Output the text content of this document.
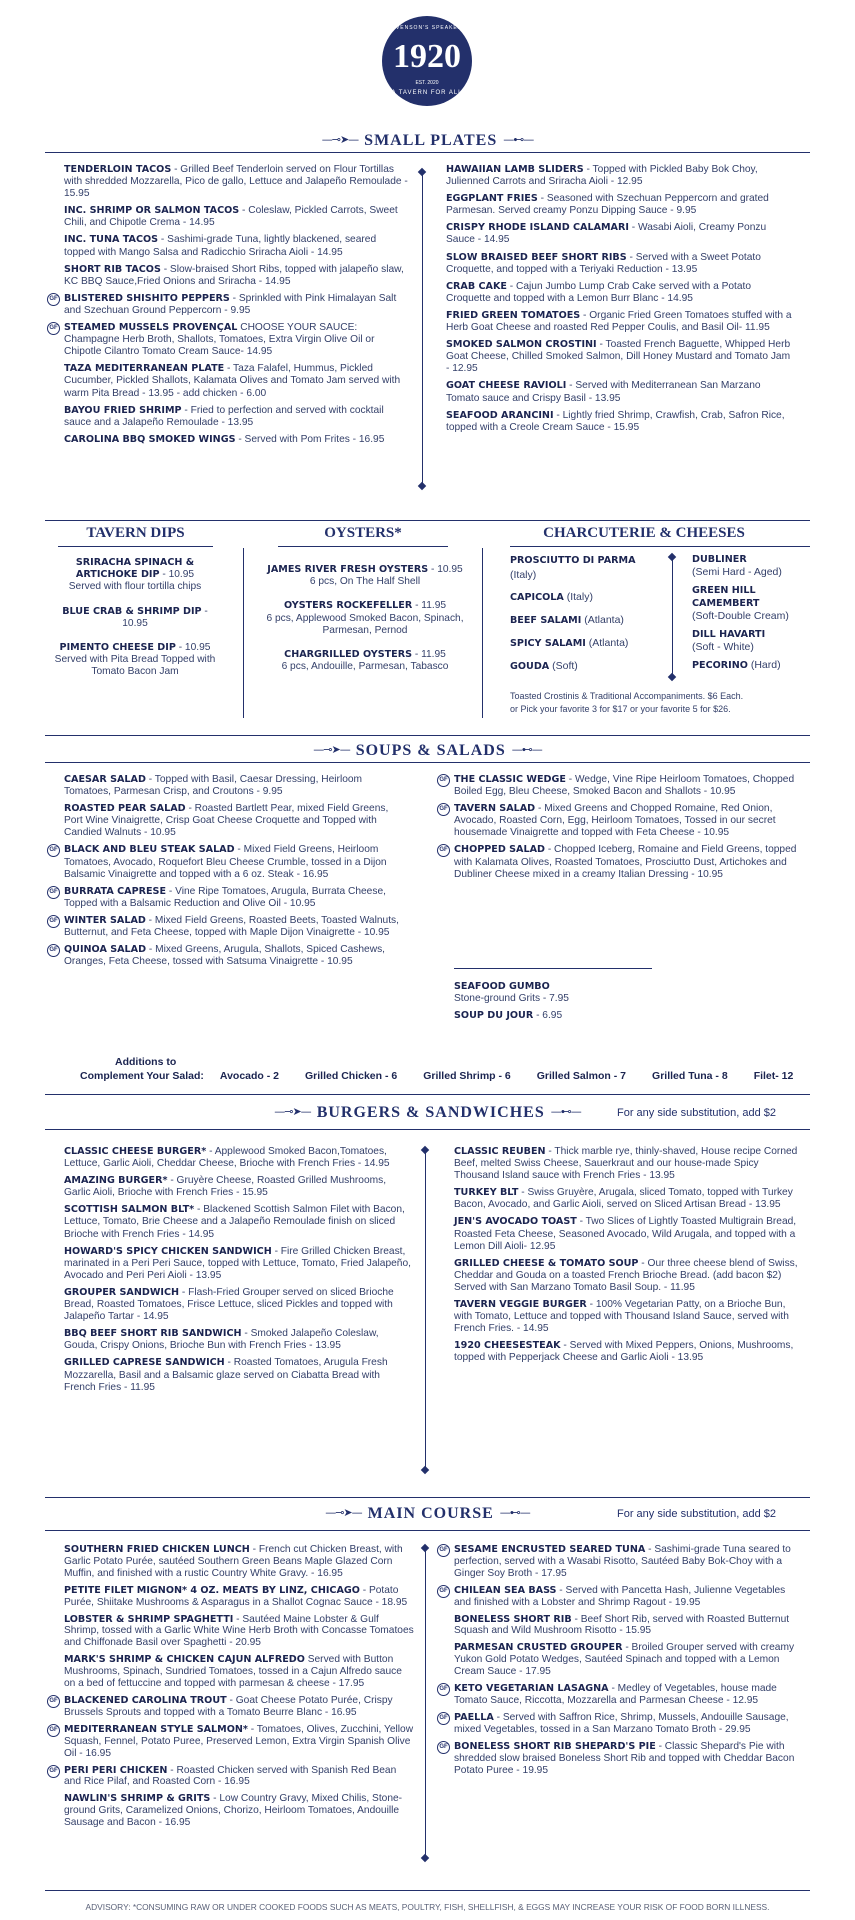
STEVENSON'S SPEAKEASY
1920
EST. 2020
A TAVERN FOR ALL
—⊸➤— SMALL PLATES —⊷—
TENDERLOIN TACOS - Grilled Beef Tenderloin served on Flour Tortillas with shredded Mozzarella, Pico de gallo, Lettuce and Jalapeño Remoulade - 15.95
INC. SHRIMP OR SALMON TACOS - Coleslaw, Pickled Carrots, Sweet Chili, and Chipotle Crema - 14.95
INC. TUNA TACOS - Sashimi-grade Tuna, lightly blackened, seared topped with Mango Salsa and Radicchio Sriracha Aioli - 14.95
SHORT RIB TACOS - Slow-braised Short Ribs, topped with jalapeño slaw, KC BBQ Sauce,Fried Onions and Sriracha - 14.95
GF BLISTERED SHISHITO PEPPERS - Sprinkled with Pink Himalayan Salt and Szechuan Ground Peppercorn - 9.95
GF STEAMED MUSSELS PROVENÇAL CHOOSE YOUR SAUCE: Champagne Herb Broth, Shallots, Tomatoes, Extra Virgin Olive Oil or Chipotle Cilantro Tomato Cream Sauce- 14.95
TAZA MEDITERRANEAN PLATE - Taza Falafel, Hummus, Pickled Cucumber, Pickled Shallots, Kalamata Olives and Tomato Jam served with warm Pita Bread - 13.95 - add chicken - 6.00
BAYOU FRIED SHRIMP - Fried to perfection and served with cocktail sauce and a Jalapeño Remoulade - 13.95
CAROLINA BBQ SMOKED WINGS - Served with Pom Frites - 16.95
HAWAIIAN LAMB SLIDERS - Topped with Pickled Baby Bok Choy, Julienned Carrots and Sriracha Aioli - 12.95
EGGPLANT FRIES - Seasoned with Szechuan Peppercorn and grated Parmesan. Served creamy Ponzu Dipping Sauce - 9.95
CRISPY RHODE ISLAND CALAMARI - Wasabi Aioli, Creamy Ponzu Sauce - 14.95
SLOW BRAISED BEEF SHORT RIBS - Served with a Sweet Potato Croquette, and topped with a Teriyaki Reduction - 13.95
CRAB CAKE - Cajun Jumbo Lump Crab Cake served with a Potato Croquette and topped with a Lemon Burr Blanc - 14.95
FRIED GREEN TOMATOES - Organic Fried Green Tomatoes stuffed with a Herb Goat Cheese and roasted Red Pepper Coulis, and Basil Oil- 11.95
SMOKED SALMON CROSTINI - Toasted French Baguette, Whipped Herb Goat Cheese, Chilled Smoked Salmon, Dill Honey Mustard and Tomato Jam - 12.95
GOAT CHEESE RAVIOLI - Served with Mediterranean San Marzano Tomato sauce and Crispy Basil - 13.95
SEAFOOD ARANCINI - Lightly fried Shrimp, Crawfish, Crab, Safron Rice, topped with a Creole Cream Sauce - 15.95
TAVERN DIPS
SRIRACHA SPINACH & ARTICHOKE DIP - 10.95
Served with flour tortilla chips
BLUE CRAB & SHRIMP DIP - 10.95
PIMENTO CHEESE DIP - 10.95
Served with Pita Bread Topped with Tomato Bacon Jam
OYSTERS*
JAMES RIVER FRESH OYSTERS - 10.95
6 pcs, On The Half Shell
OYSTERS ROCKEFELLER - 11.95
6 pcs, Applewood Smoked Bacon, Spinach, Parmesan, Pernod
CHARGRILLED OYSTERS - 11.95
6 pcs, Andouille, Parmesan, Tabasco
CHARCUTERIE & CHEESES
PROSCIUTTO DI PARMA (Italy)
CAPICOLA (Italy)
BEEF SALAMI (Atlanta)
SPICY SALAMI (Atlanta)
GOUDA (Soft)
DUBLINER
(Semi Hard - Aged)
GREEN HILL CAMEMBERT
(Soft-Double Cream)
DILL HAVARTI
(Soft - White)
PECORINO (Hard)
Toasted Crostinis & Traditional Accompaniments. $6 Each.
or Pick your favorite 3 for $17 or your favorite 5 for $26.
—⊸➤— SOUPS & SALADS —⊷—
CAESAR SALAD - Topped with Basil, Caesar Dressing, Heirloom Tomatoes, Parmesan Crisp, and Croutons - 9.95
ROASTED PEAR SALAD - Roasted Bartlett Pear, mixed Field Greens, Port Wine Vinaigrette, Crisp Goat Cheese Croquette and Topped with Candied Walnuts - 10.95
GF BLACK AND BLEU STEAK SALAD - Mixed Field Greens, Heirloom Tomatoes, Avocado, Roquefort Bleu Cheese Crumble, tossed in a Dijon Balsamic Vinaigrette and topped with a 6 oz. Steak - 16.95
GF BURRATA CAPRESE - Vine Ripe Tomatoes, Arugula, Burrata Cheese, Topped with a Balsamic Reduction and Olive Oil - 10.95
GF WINTER SALAD - Mixed Field Greens, Roasted Beets, Toasted Walnuts, Butternut, and Feta Cheese, topped with Maple Dijon Vinaigrette - 10.95
GF QUINOA SALAD - Mixed Greens, Arugula, Shallots, Spiced Cashews, Oranges, Feta Cheese, tossed with Satsuma Vinaigrette - 10.95
GF THE CLASSIC WEDGE - Wedge, Vine Ripe Heirloom Tomatoes, Chopped Boiled Egg, Bleu Cheese, Smoked Bacon and Shallots - 10.95
GF TAVERN SALAD - Mixed Greens and Chopped Romaine, Red Onion, Avocado, Roasted Corn, Egg, Heirloom Tomatoes, Tossed in our secret housemade Vinaigrette and topped with Feta Cheese - 10.95
GF CHOPPED SALAD - Chopped Iceberg, Romaine and Field Greens, topped with Kalamata Olives, Roasted Tomatoes, Prosciutto Dust, Artichokes and Dubliner Cheese mixed in a creamy Italian Dressing - 10.95
SEAFOOD GUMBO
Stone-ground Grits - 7.95
SOUP DU JOUR - 6.95
Additions to
Complement Your Salad: Avocado - 2 Grilled Chicken - 6 Grilled Shrimp - 6 Grilled Salmon - 7 Grilled Tuna - 8 Filet- 12
—⊸➤— BURGERS & SANDWICHES —⊷—	For any side substitution, add $2
CLASSIC CHEESE BURGER* - Applewood Smoked Bacon,Tomatoes, Lettuce, Garlic Aioli, Cheddar Cheese, Brioche with French Fries - 14.95
AMAZING BURGER* - Gruyère Cheese, Roasted Grilled Mushrooms, Garlic Aioli, Brioche with French Fries - 15.95
SCOTTISH SALMON BLT* - Blackened Scottish Salmon Filet with Bacon, Lettuce, Tomato, Brie Cheese and a Jalapeño Remoulade finish on sliced Brioche with French Fries - 14.95
HOWARD'S SPICY CHICKEN SANDWICH - Fire Grilled Chicken Breast, marinated in a Peri Peri Sauce, topped with Lettuce, Tomato, Fried Jalapeño, Avocado and Peri Peri Aioli - 13.95
GROUPER SANDWICH - Flash-Fried Grouper served on sliced Brioche Bread, Roasted Tomatoes, Frisce Lettuce, sliced Pickles and topped with Jalapeño Tartar - 14.95
BBQ BEEF SHORT RIB SANDWICH - Smoked Jalapeño Coleslaw, Gouda, Crispy Onions, Brioche Bun with French Fries - 13.95
GRILLED CAPRESE SANDWICH - Roasted Tomatoes, Arugula Fresh Mozzarella, Basil and a Balsamic glaze served on Ciabatta Bread with French Fries - 11.95
CLASSIC REUBEN - Thick marble rye, thinly-shaved, House recipe Corned Beef, melted Swiss Cheese, Sauerkraut and our house-made Spicy Thousand Island sauce with French Fries - 13.95
TURKEY BLT - Swiss Gruyère, Arugala, sliced Tomato, topped with Turkey Bacon, Avocado, and Garlic Aioli, served on Sliced Artisan Bread - 13.95
JEN'S AVOCADO TOAST - Two Slices of Lightly Toasted Multigrain Bread, Roasted Feta Cheese, Seasoned Avocado, Wild Arugala, and topped with a Lemon Dill Aioli- 12.95
GRILLED CHEESE & TOMATO SOUP - Our three cheese blend of Swiss, Cheddar and Gouda on a toasted French Brioche Bread. (add bacon $2) Served with San Marzano Tomato Basil Soup. - 11.95
TAVERN VEGGIE BURGER - 100% Vegetarian Patty, on a Brioche Bun, with Tomato, Lettuce and topped with Thousand Island Sauce, served with French Fries. - 14.95
1920 CHEESESTEAK - Served with Mixed Peppers, Onions, Mushrooms, topped with Pepperjack Cheese and Garlic Aioli - 13.95
—⊸➤— MAIN COURSE —⊷—	For any side substitution, add $2
SOUTHERN FRIED CHICKEN LUNCH - French cut Chicken Breast, with Garlic Potato Purée, sautéed Southern Green Beans Maple Glazed Corn Muffin, and finished with a rustic Country White Gravy. - 16.95
PETITE FILET MIGNON* 4 OZ. MEATS BY LINZ, CHICAGO - Potato Purée, Shiitake Mushrooms & Asparagus in a Shallot Cognac Sauce - 18.95
LOBSTER & SHRIMP SPAGHETTI - Sautéed Maine Lobster & Gulf Shrimp, tossed with a Garlic White Wine Herb Broth with Concasse Tomatoes and Chiffonade Basil over Spaghetti - 20.95
MARK'S SHRIMP & CHICKEN CAJUN ALFREDO Served with Button Mushrooms, Spinach, Sundried Tomatoes, tossed in a Cajun Alfredo sauce on a bed of fettuccine and topped with parmesan & cheese - 17.95
GF BLACKENED CAROLINA TROUT - Goat Cheese Potato Purée, Crispy Brussels Sprouts and topped with a Tomato Beurre Blanc - 16.95
GF MEDITERRANEAN STYLE SALMON* - Tomatoes, Olives, Zucchini, Yellow Squash, Fennel, Potato Puree, Preserved Lemon, Extra Virgin Spanish Olive Oil - 16.95
GF PERI PERI CHICKEN - Roasted Chicken served with Spanish Red Bean and Rice Pilaf, and Roasted Corn - 16.95
NAWLIN'S SHRIMP & GRITS - Low Country Gravy, Mixed Chilis, Stone-ground Grits, Caramelized Onions, Chorizo, Heirloom Tomatoes, Andouille Sausage and Bacon - 16.95
GF SESAME ENCRUSTED SEARED TUNA - Sashimi-grade Tuna seared to perfection, served with a Wasabi Risotto, Sautéed Baby Bok-Choy with a Ginger Soy Broth - 17.95
GF CHILEAN SEA BASS - Served with Pancetta Hash, Julienne Vegetables and finished with a Lobster and Shrimp Ragout - 19.95
BONELESS SHORT RIB - Beef Short Rib, served with Roasted Butternut Squash and Wild Mushroom Risotto - 15.95
PARMESAN CRUSTED GROUPER - Broiled Grouper served with creamy Yukon Gold Potato Wedges, Sautéed Spinach and topped with a Lemon Cream Sauce - 17.95
GF KETO VEGETARIAN LASAGNA - Medley of Vegetables, house made Tomato Sauce, Riccotta, Mozzarella and Parmesan Cheese - 12.95
GF PAELLA - Served with Saffron Rice, Shrimp, Mussels, Andouille Sausage, mixed Vegetables, tossed in a San Marzano Tomato Broth - 29.95
GF BONELESS SHORT RIB SHEPARD'S PIE - Classic Shepard's Pie with shredded slow braised Boneless Short Rib and topped with Cheddar Bacon Potato Puree - 19.95
ADVISORY: *CONSUMING RAW OR UNDER COOKED FOODS SUCH AS MEATS, POULTRY, FISH, SHELLFISH, & EGGS MAY INCREASE YOUR RISK OF FOOD BORN ILLNESS.
